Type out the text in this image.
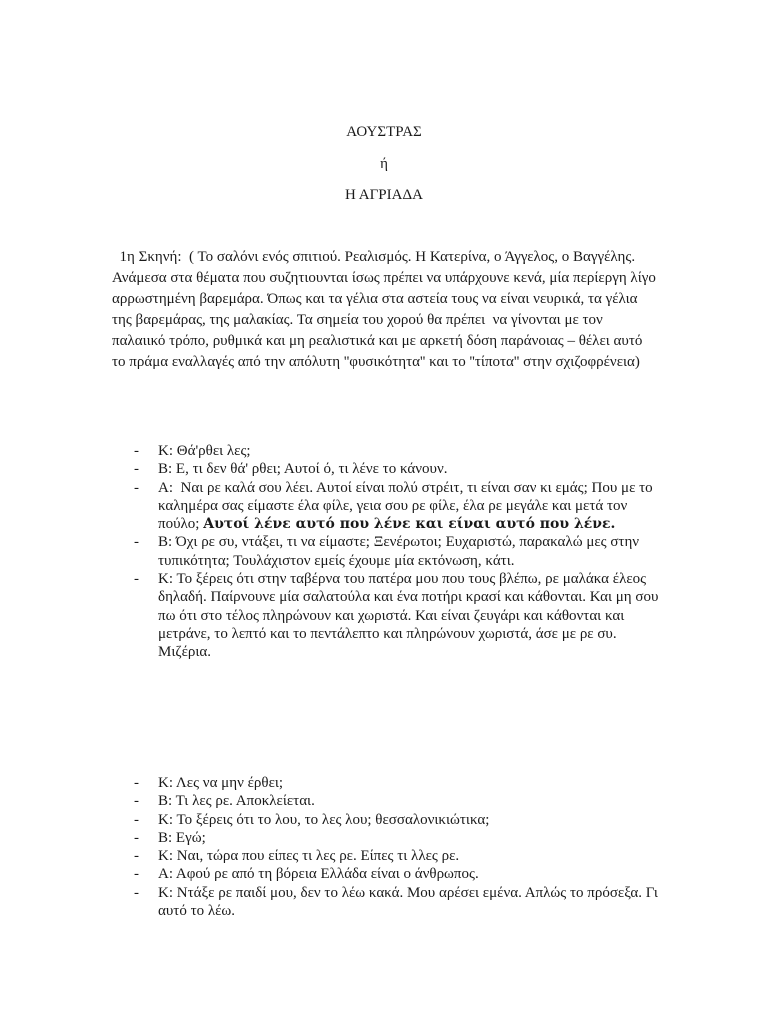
ΑΟΥΣΤΡΑΣ
ή
Η ΑΓΡΙΑΔΑ
1η Σκηνή:  ( Το σαλόνι ενός σπιτιού. Ρεαλισμός. Η Κατερίνα, ο Άγγελος, ο Βαγγέλης. Ανάμεσα στα θέματα που συζητιουνται ίσως πρέπει να υπάρχουνε κενά, μία περίεργη λίγο αρρωστημένη βαρεμάρα. Όπως και τα γέλια στα αστεία τους να είναι νευρικά, τα γέλια της βαρεμάρας, της μαλακίας. Τα σημεία του χορού θα πρέπει  να γίνονται με τον παλαιικό τρόπο, ρυθμικά και μη ρεαλιστικά και με αρκετή δόση παράνοιας – θέλει αυτό το πράμα εναλλαγές από την απόλυτη ''φυσικότητα'' και το ''τίποτα'' στην σχιζοφρένεια)
- Κ: Θά'ρθει λες;
- Β: Ε, τι δεν θά' ρθει; Αυτοί ό, τι λένε το κάνουν.
- Α:  Ναι ρε καλά σου λέει. Αυτοί είναι πολύ στρέιτ, τι είναι σαν κι εμάς; Που με το καλημέρα σας είμαστε έλα φίλε, γεια σου ρε φίλε, έλα ρε μεγάλε και μετά τον πούλο; Αυτοί λένε αυτό που λένε και είναι αυτό που λένε.
- Β: Όχι ρε συ, ντάξει, τι να είμαστε; Ξενέρωτοι; Ευχαριστώ, παρακαλώ μες στην τυπικότητα; Τουλάχιστον εμείς έχουμε μία εκτόνωση, κάτι.
- Κ: Το ξέρεις ότι στην ταβέρνα του πατέρα μου που τους βλέπω, ρε μαλάκα έλεος δηλαδή. Παίρνουνε μία σαλατούλα και ένα ποτήρι κρασί και κάθονται. Και μη σου πω ότι στο τέλος πληρώνουν και χωριστά. Και είναι ζευγάρι και κάθονται και μετράνε, το λεπτό και το πεντάλεπτο και πληρώνουν χωριστά, άσε με ρε συ. Μιζέρια.
- Κ: Λες να μην έρθει;
- Β: Τι λες ρε. Αποκλείεται.
- Κ: Το ξέρεις ότι το λου, το λες λου; θεσσαλονικιώτικα;
- Β: Εγώ;
- Κ: Ναι, τώρα που είπες τι λες ρε. Είπες τι λλες ρε.
- Α: Αφού ρε από τη βόρεια Ελλάδα είναι ο άνθρωπος.
- Κ: Ντάξε ρε παιδί μου, δεν το λέω κακά. Μου αρέσει εμένα. Απλώς το πρόσεξα. Γι αυτό το λέω.
